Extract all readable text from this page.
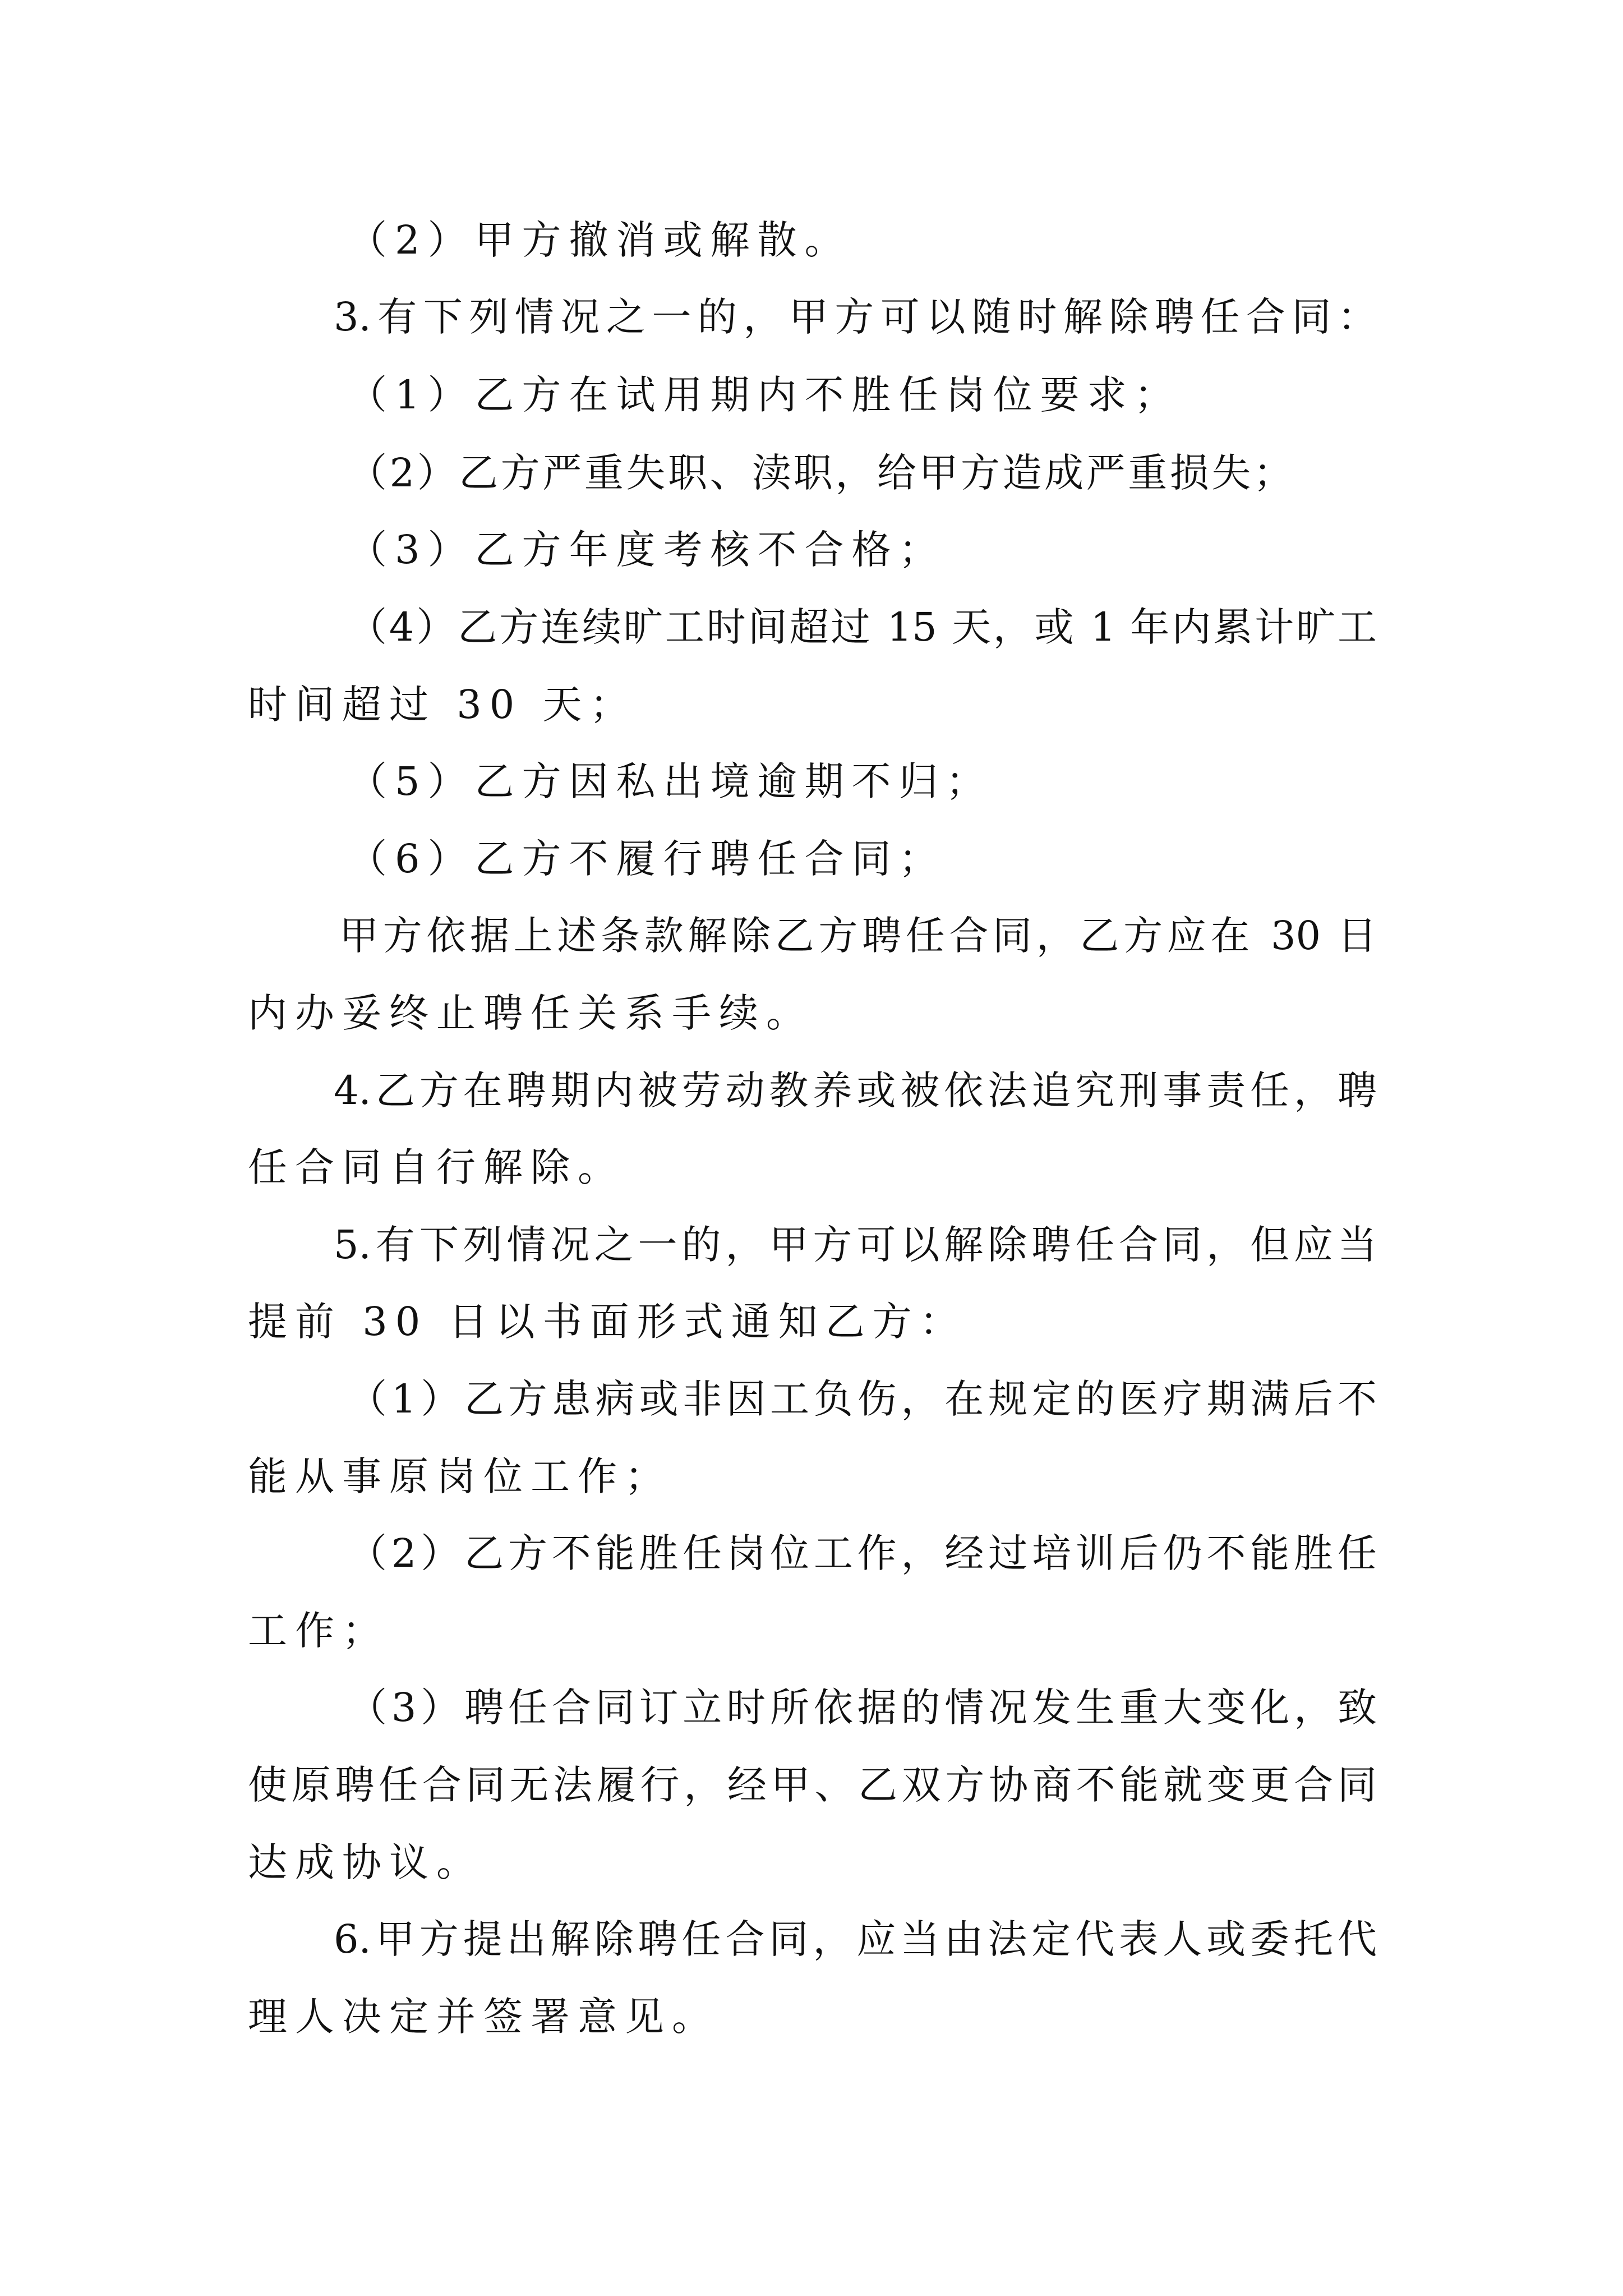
（2）甲方撤消或解散。
3.有下列情况之一的，甲方可以随时解除聘任合同：
（1）乙方在试用期内不胜任岗位要求；
（2）乙方严重失职、渎职，给甲方造成严重损失；
（3）乙方年度考核不合格；
（4）乙方连续旷工时间超过 15 天，或 1 年内累计旷工
时间超过 30 天；
（5）乙方因私出境逾期不归；
（6）乙方不履行聘任合同；
甲方依据上述条款解除乙方聘任合同，乙方应在 30 日
内办妥终止聘任关系手续。
4.乙方在聘期内被劳动教养或被依法追究刑事责任，聘
任合同自行解除。
5.有下列情况之一的，甲方可以解除聘任合同，但应当
提前 30 日以书面形式通知乙方：
（1）乙方患病或非因工负伤，在规定的医疗期满后不
能从事原岗位工作；
（2）乙方不能胜任岗位工作，经过培训后仍不能胜任
工作；
（3）聘任合同订立时所依据的情况发生重大变化，致
使原聘任合同无法履行，经甲、乙双方协商不能就变更合同
达成协议。
6.甲方提出解除聘任合同，应当由法定代表人或委托代
理人决定并签署意见。
